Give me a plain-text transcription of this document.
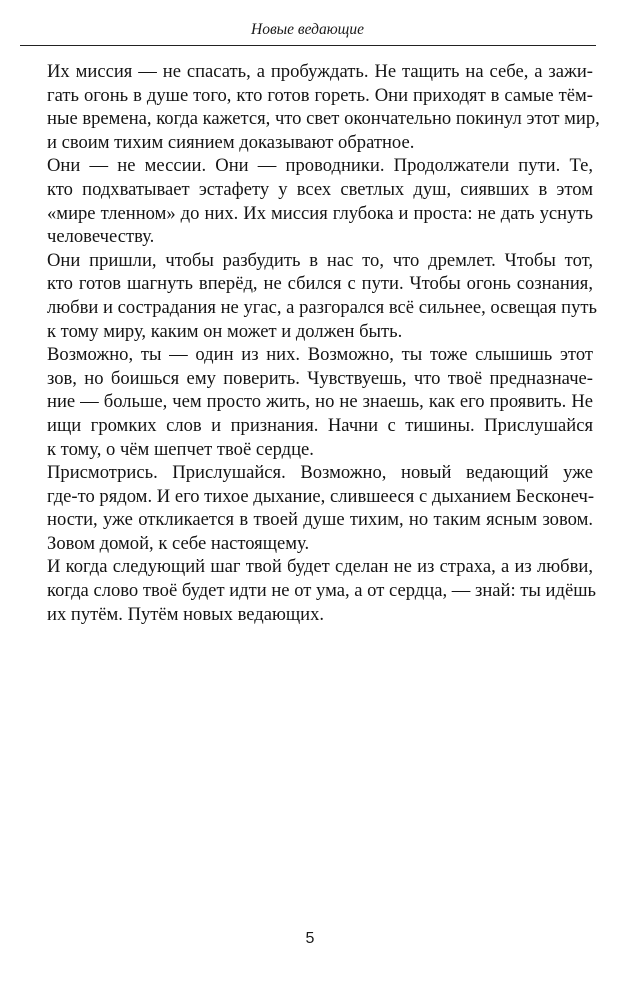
Новые ведающие

Их миссия — не спасать, а пробуждать. Не тащить на себе, а зажи-
гать огонь в душе того, кто готов гореть. Они приходят в самые тём-
ные времена, когда кажется, что свет окончательно покинул этот мир,
и своим тихим сиянием доказывают обратное.

Они — не мессии. Они — проводники. Продолжатели пути. Те,
кто подхватывает эстафету у всех светлых душ, сиявших в этом
«мире тленном» до них. Их миссия глубока и проста: не дать уснуть
человечеству.

Они пришли, чтобы разбудить в нас то, что дремлет. Чтобы тот,
кто готов шагнуть вперёд, не сбился с пути. Чтобы огонь сознания,
любви и сострадания не угас, а разгорался всё сильнее, освещая путь
к тому миру, каким он может и должен быть.

Возможно, ты — один из них. Возможно, ты тоже слышишь этот
зов, но боишься ему поверить. Чувствуешь, что твоё предназначе-
ние — больше, чем просто жить, но не знаешь, как его проявить. Не
ищи громких слов и признания. Начни с тишины. Прислушайся
к тому, о чём шепчет твоё сердце.

Присмотрись. Прислушайся. Возможно, новый ведающий уже
где-то рядом. И его тихое дыхание, слившееся с дыханием Бесконеч-
ности, уже откликается в твоей душе тихим, но таким ясным зовом.
Зовом домой, к себе настоящему.

И когда следующий шаг твой будет сделан не из страха, а из любви,
когда слово твоё будет идти не от ума, а от сердца, — знай: ты идёшь
их путём. Путём новых ведающих.

5
